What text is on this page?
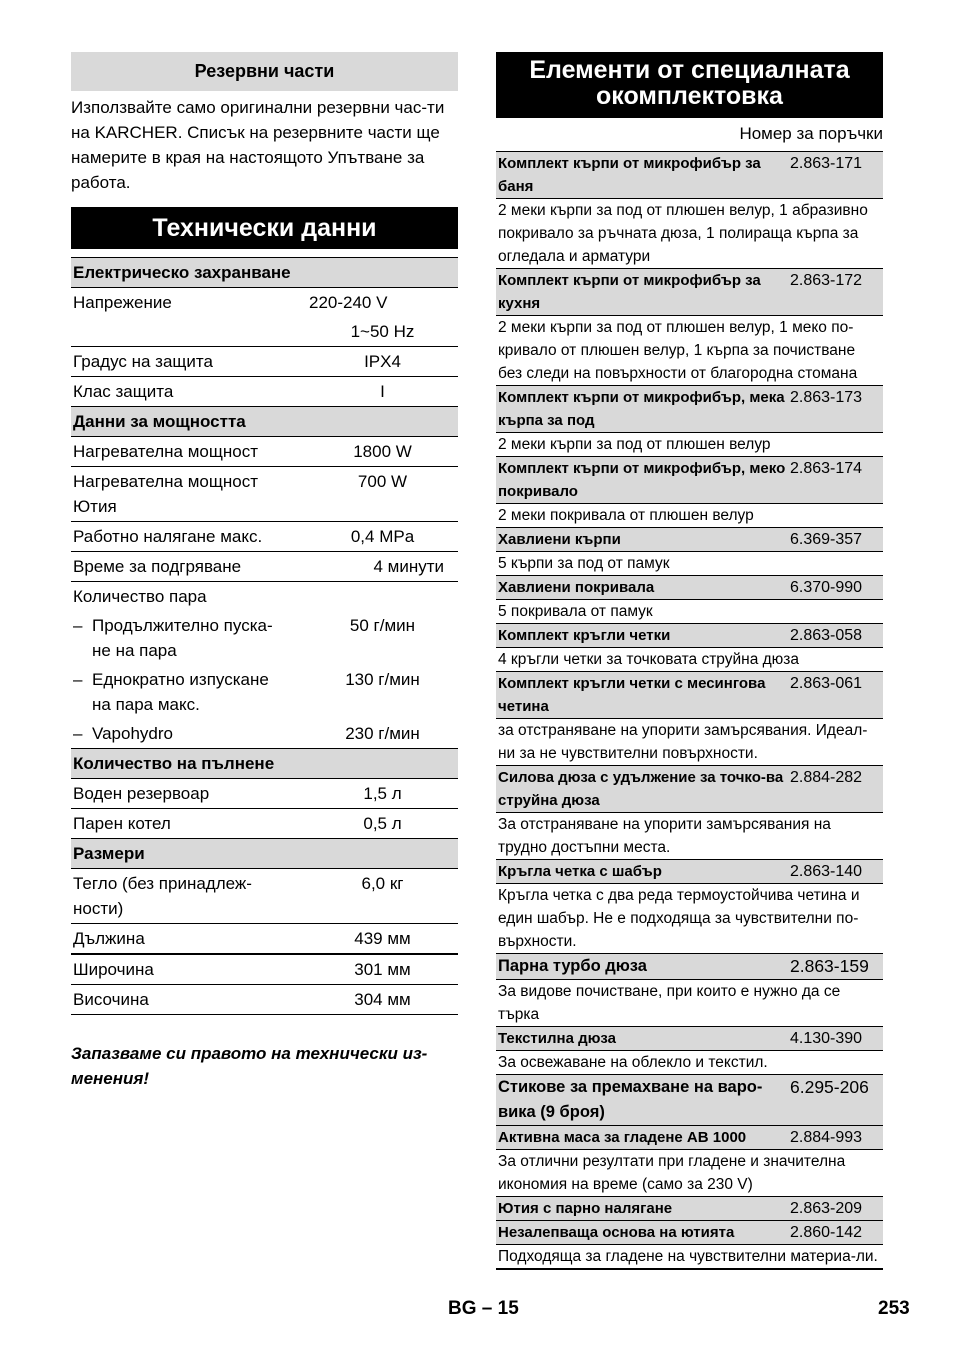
Резервни части
Използвайте само оригинални резервни час-ти на KARCHER. Списък на резервните части ще намерите в края на настоящото Упътване за работа.
Технически данни
Електрическо захранване	
Напрежение	220-240 V
	1~50 Hz
Градус на защита	IPX4
Клас защита	I
Данни за мощността	
Нагревателна мощност	1800 W
Нагревателна мощност
Ютия	700 W
Работно налягане макс.	0,4 MPa
Време за подгряване	4 минути
Количество пара	

– Продължително пуска-
не на пара	50 г/мин

– Еднократно изпускане
на пара макс.	130 г/мин

– Vapohydro	230 г/мин
Количество на пълнене	
Воден резервоар	1,5 л
Парен котел	0,5 л
Размери	
Тегло (без принадлеж-
ности)	6,0 кг
Дължина	439 мм
Широчина	301 мм
Височина	304 мм
Запазваме си правото на технически из-менения!
Елементи от специалната
окомплектовка
Номер за поръчки
Комплект кърпи от микрофибър за баня
2.863-171
2 меки кърпи за под от плюшен велур, 1 абразивно покривало за ръчната дюза, 1 полираща кърпа за огледала и арматури
Комплект кърпи от микрофибър за кухня
2.863-172
2 меки кърпи за под от плюшен велур, 1 меко по-кривало от плюшен велур, 1 кърпа за почистване без следи на повърхности от благородна стомана
Комплект кърпи от микрофибър, мека кърпа за под
2.863-173
2 меки кърпи за под от плюшен велур
Комплект кърпи от микрофибър, меко покривало
2.863-174
2 меки покривала от плюшен велур
Хавлиени кърпи	6.369-357
5 кърпи за под от памук
Хавлиени покривала	6.370-990
5 покривала от памук
Комплект кръгли четки	2.863-058
4 кръгли четки за точковата струйна дюза
Комплект кръгли четки с месингова четина
2.863-061
за отстраняване на упорити замърсявания. Идеал-ни за не чувствителни повърхности.
Силова дюза с удължение за точко-ва струйна дюза
2.884-282
За отстраняване на упорити замърсявания на трудно достъпни места.
Кръгла четка с шабър	2.863-140
Кръгла четка с два реда термоустойчива четина и един шабър. Не е подходяща за чувствителни по-върхности.
Парна турбо дюза	2.863-159
За видове почистване, при които е нужно да се търка
Текстилна дюза	4.130-390
За освежаване на облекло и текстил.
Стикове за премахване на варо-вика (9 броя)
6.295-206
Активна маса за гладене AB 1000	2.884-993
За отлични резултати при гладене и значителна икономия на време (само за 230 V)
Ютия с парно налягане	2.863-209
Незалепваща основа на ютията	2.860-142
Подходяща за гладене на чувствителни материа-ли.
BG – 15	253
